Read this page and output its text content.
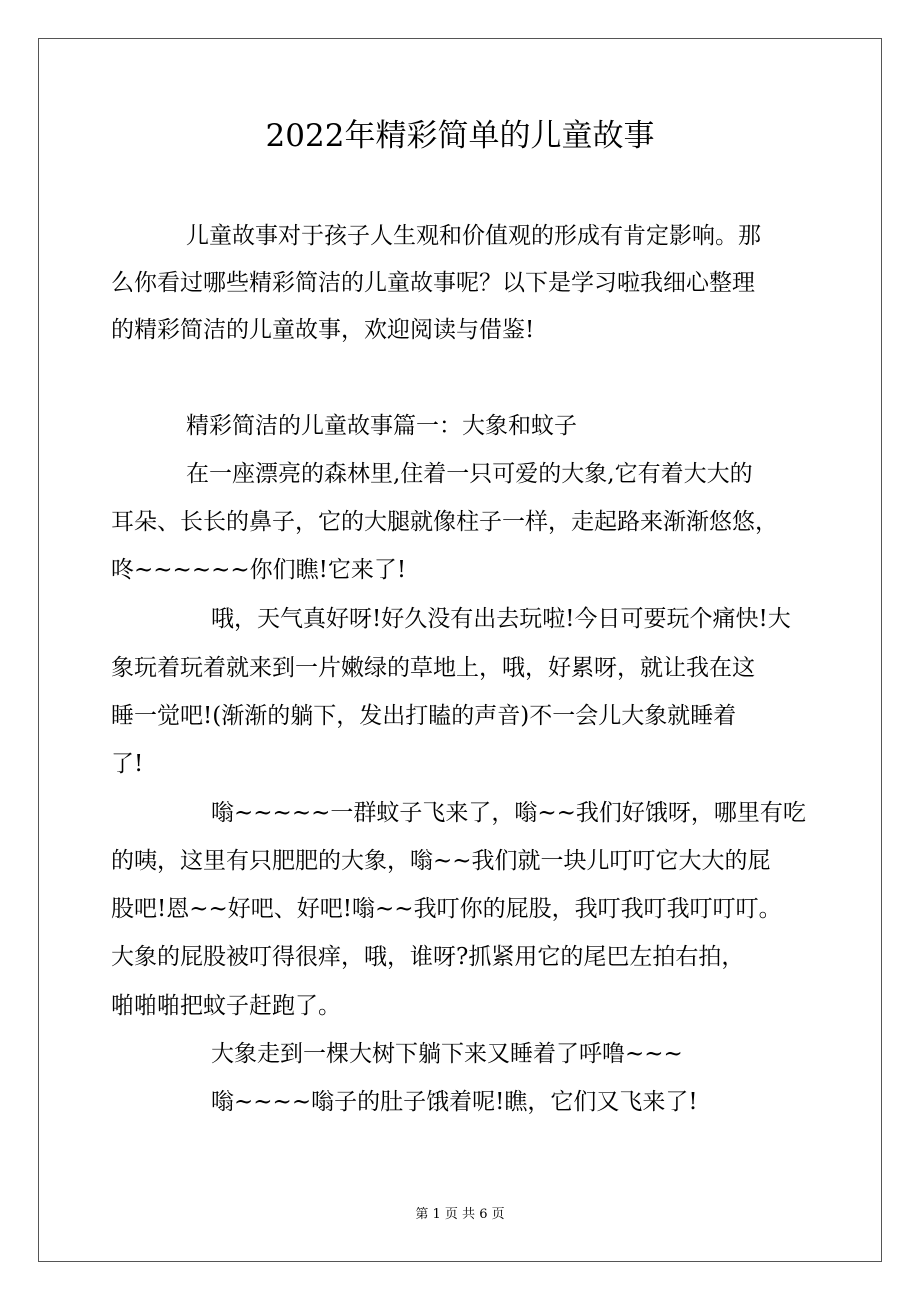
2022年精彩简单的儿童故事
儿童故事对于孩子人生观和价值观的形成有肯定影响。那
么你看过哪些精彩简洁的儿童故事呢？以下是学习啦我细心整理
的精彩简洁的儿童故事，欢迎阅读与借鉴!
精彩简洁的儿童故事篇一：大象和蚊子
在一座漂亮的森林里,住着一只可爱的大象,它有着大大的
耳朵、长长的鼻子，它的大腿就像柱子一样，走起路来渐渐悠悠，
咚~~~~~~你们瞧!它来了!
哦，天气真好呀!好久没有出去玩啦!今日可要玩个痛快!大
象玩着玩着就来到一片嫩绿的草地上，哦，好累呀，就让我在这
睡一觉吧!(渐渐的躺下，发出打瞌的声音)不一会儿大象就睡着
了!
嗡~~~~~一群蚊子飞来了，嗡~~我们好饿呀，哪里有吃
的咦，这里有只肥肥的大象，嗡~~我们就一块儿叮叮它大大的屁
股吧!恩~~好吧、好吧!嗡~~我叮你的屁股，我叮我叮我叮叮叮。
大象的屁股被叮得很痒，哦，谁呀?抓紧用它的尾巴左拍右拍，
啪啪啪把蚊子赶跑了。
大象走到一棵大树下躺下来又睡着了呼噜~~~
嗡~~~~嗡子的肚子饿着呢!瞧，它们又飞来了!
第 1 页 共 6 页
